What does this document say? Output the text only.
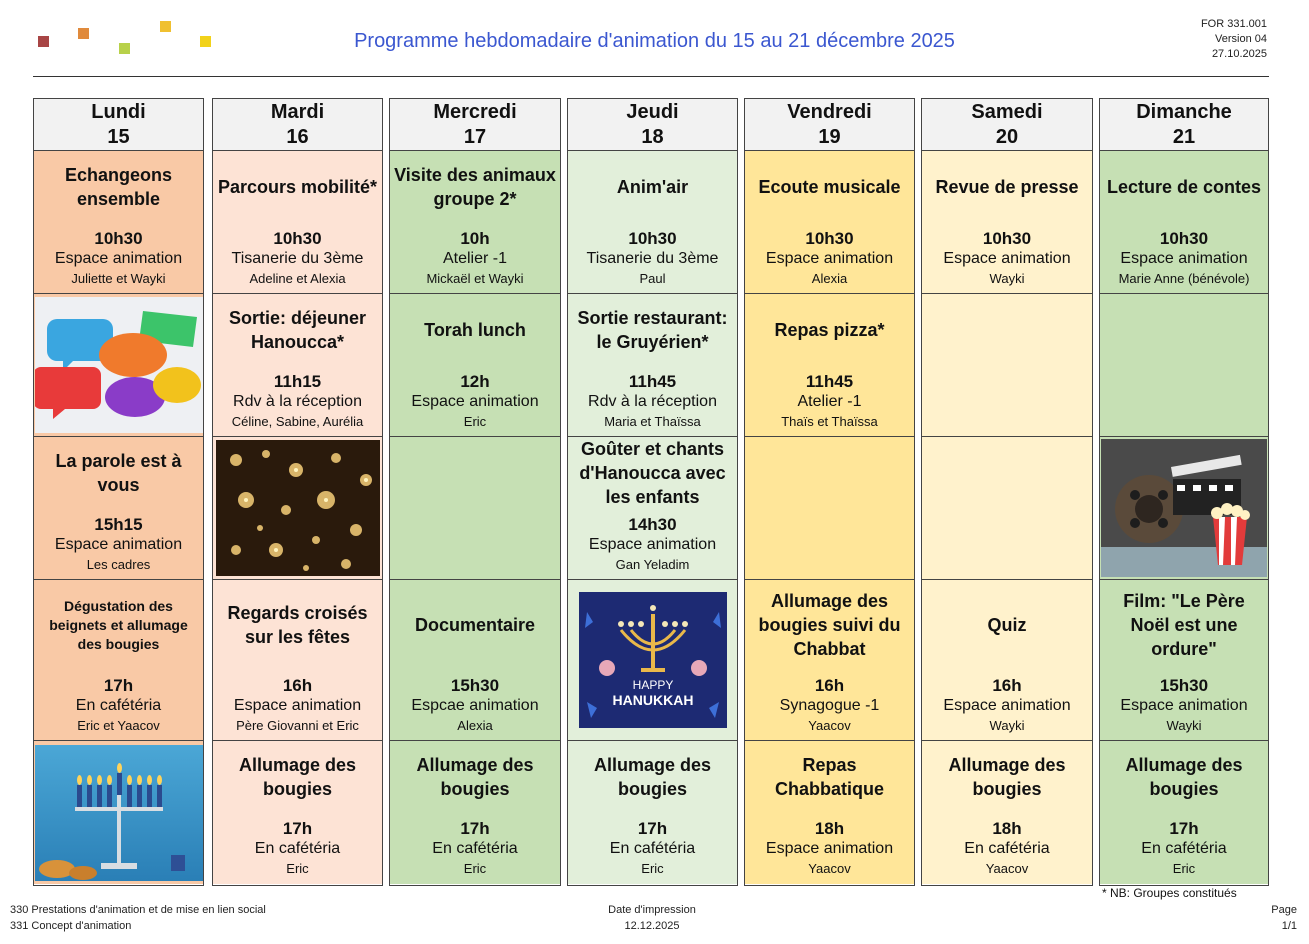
Programme hebdomadaire d'animation du 15 au 21 décembre 2025
FOR 331.001
Version 04
27.10.2025
Lundi
15
Echangeons ensemble
10h30
Espace animation
Juliette et Wayki
La parole est à vous
15h15
Espace animation
Les cadres
Dégustation des beignets et allumage des bougies
17h
En cafétéria
Eric et Yaacov
Mardi
16
Parcours mobilité*
10h30
Tisanerie du 3ème
Adeline et Alexia
Sortie: déjeuner Hanoucca*
11h15
Rdv à la réception
Céline, Sabine, Aurélia
Regards croisés sur les fêtes
16h
Espace animation
Père Giovanni et Eric
Allumage des bougies
17h
En cafétéria
Eric
Mercredi
17
Visite des animaux groupe 2*
10h
Atelier -1
Mickaël et Wayki
Torah lunch
12h
Espace animation
Eric
Documentaire
15h30
Espcae animation
Alexia
Allumage des bougies
17h
En cafétéria
Eric
Jeudi
18
Anim'air
10h30
Tisanerie du 3ème
Paul
Sortie restaurant: le Gruyérien*
11h45
Rdv à la réception
Maria et Thaïssa
Goûter et chants d'Hanoucca avec les enfants
14h30
Espace animation
Gan Yeladim
HAPPY
HANUKKAH
Allumage des bougies
17h
En cafétéria
Eric
Vendredi
19
Ecoute musicale
10h30
Espace animation
Alexia
Repas pizza*
11h45
Atelier -1
Thaïs et Thaïssa
Allumage des bougies suivi du Chabbat
16h
Synagogue -1
Yaacov
Repas Chabbatique
18h
Espace animation
Yaacov
Samedi
20
Revue de presse
10h30
Espace animation
Wayki
Quiz
16h
Espace animation
Wayki
Allumage des bougies
18h
En cafétéria
Yaacov
Dimanche
21
Lecture de contes
10h30
Espace animation
Marie Anne (bénévole)
Film: "Le Père Noël est une ordure"
15h30
Espace animation
Wayki
Allumage des bougies
17h
En cafétéria
Eric
* NB: Groupes constitués
330 Prestations d'animation et de mise en lien social
331 Concept d'animation
Date d'impression
12.12.2025
Page
1/1
